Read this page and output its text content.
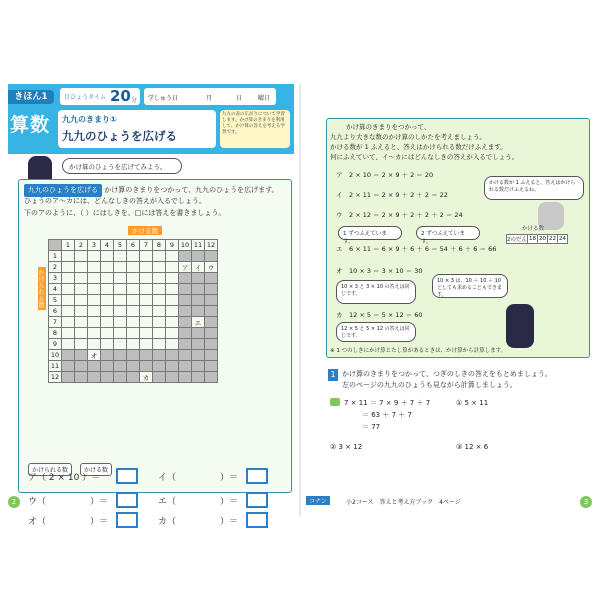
きほん1
算数
目ひょうタイム 20 分 学しゅう日	月	日	曜日
九九のきまり①
九九のひょうを広げる
九九の表の広がりについて学習します。かけ算のきまりを利用して、かけ算の答えを考える学習です。
かけ算のひょうを広げてみよう。
九九のひょうを広げる かけ算のきまりをつかって、九九のひょうを広げます。
ひょうのア〜カには、どんなしきの答えが入るでしょう。
下のアのように、（ ）にはしきを、□には答えを書きましょう。
かける数
かけられる数
	1	2	3	4	5	6	7	8	9	10	11	12
1												
2										ア	イ	ウ
3												
4												
5												
6												
7											エ	
8												
9												
10			オ									
11												
12							カ					
かけられる数	かける数
ア（ 2 × 10 ）＝	イ（	）＝
ウ（	）＝	エ（	）＝
オ（	）＝	カ（	）＝
2
かけ算のきまりをつかって、
九九より大きな数のかけ算のしかたを考えましょう。
かける数が 1 ふえると、答えはかけられる数だけふえます。
何にふえていて、イ〜カにはどんなしきの答えが入るでしょう。
ア　2 × 10 ＝ 2 × 9 ＋ 2 ＝ 20
イ　2 × 11 ＝ 2 × 9 ＋ 2 ＋ 2 ＝ 22
ウ　2 × 12 ＝ 2 × 9 ＋ 2 ＋ 2 ＋ 2 ＝ 24
1 ずつふえています。
2 ずつふえています。
エ　6 × 11 ＝ 6 × 9 ＋ 6 ＋ 6 ＝ 54 ＋ 6 ＋ 6 ＝ 66
オ　10 × 3 ＝ 3 × 10 ＝ 30
10 × 3 と 3 × 10 の答えは同じです。
10 × 3 は、10 ＋ 10 ＋ 10 としても求めることもできます。
カ　12 × 5 ＝ 5 × 12 ＝ 60
12 × 5 と 5 × 12 の答えは同じです。
かける数が 1 ふえると、答えはかけられる数だけふえるね。
かける数
2のだん	18	20	22	24
※ 1 つのしきにかけ算とたし算があるときは、かけ算から計算します。
1 かけ算のきまりをつかって、つぎのしきの答えをもとめましょう。
左のページの九九のひょうも見ながら計算しましょう。
7 × 11 ＝ 7 × 9 ＋ 7 ＋ 7
＝ 63 ＋ 7 ＋ 7
＝ 77
① 5 × 11
② 3 × 12	③ 12 × 6
コナン	小2コース　答えと考え方ブック　4ページ	3
